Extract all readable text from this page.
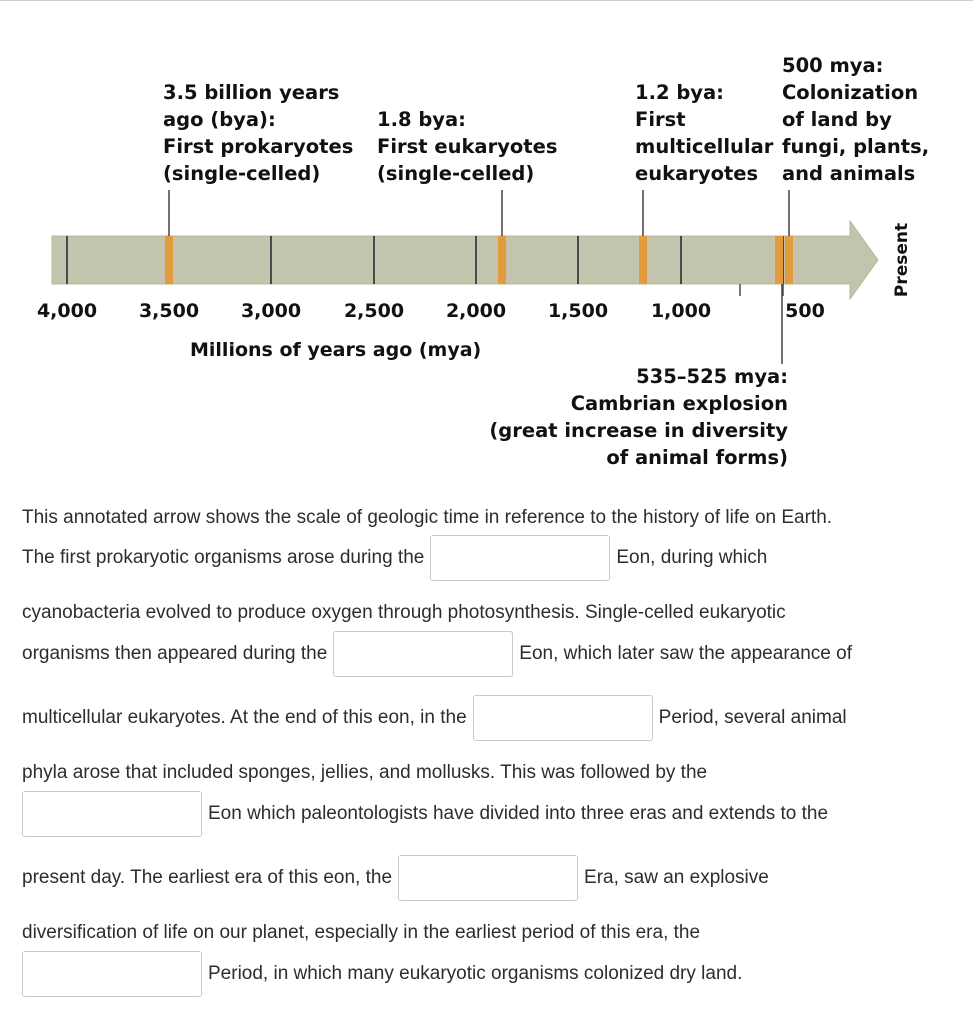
3.5 billion years
ago (bya):
First prokaryotes
(single-celled)

1.8 bya:
First eukaryotes
(single-celled)

1.2 bya:
First
multicellular
eukaryotes

500 mya:
Colonization
of land by
fungi, plants,
and animals

535–525 mya:
Cambrian explosion
(great increase in diversity
of animal forms)

4,000	3,500	3,000	2,500	2,000	1,500	1,000	500
Millions of years ago (mya)
Present
This annotated arrow shows the scale of geologic time in reference to the history of life on Earth.
The first prokaryotic organisms arose during the	Eon, during which
cyanobacteria evolved to produce oxygen through photosynthesis. Single-celled eukaryotic
organisms then appeared during the	Eon, which later saw the appearance of
multicellular eukaryotes. At the end of this eon, in the	Period, several animal
phyla arose that included sponges, jellies, and mollusks. This was followed by the
Eon which paleontologists have divided into three eras and extends to the
present day. The earliest era of this eon, the	Era, saw an explosive
diversification of life on our planet, especially in the earliest period of this era, the
Period, in which many eukaryotic organisms colonized dry land.
